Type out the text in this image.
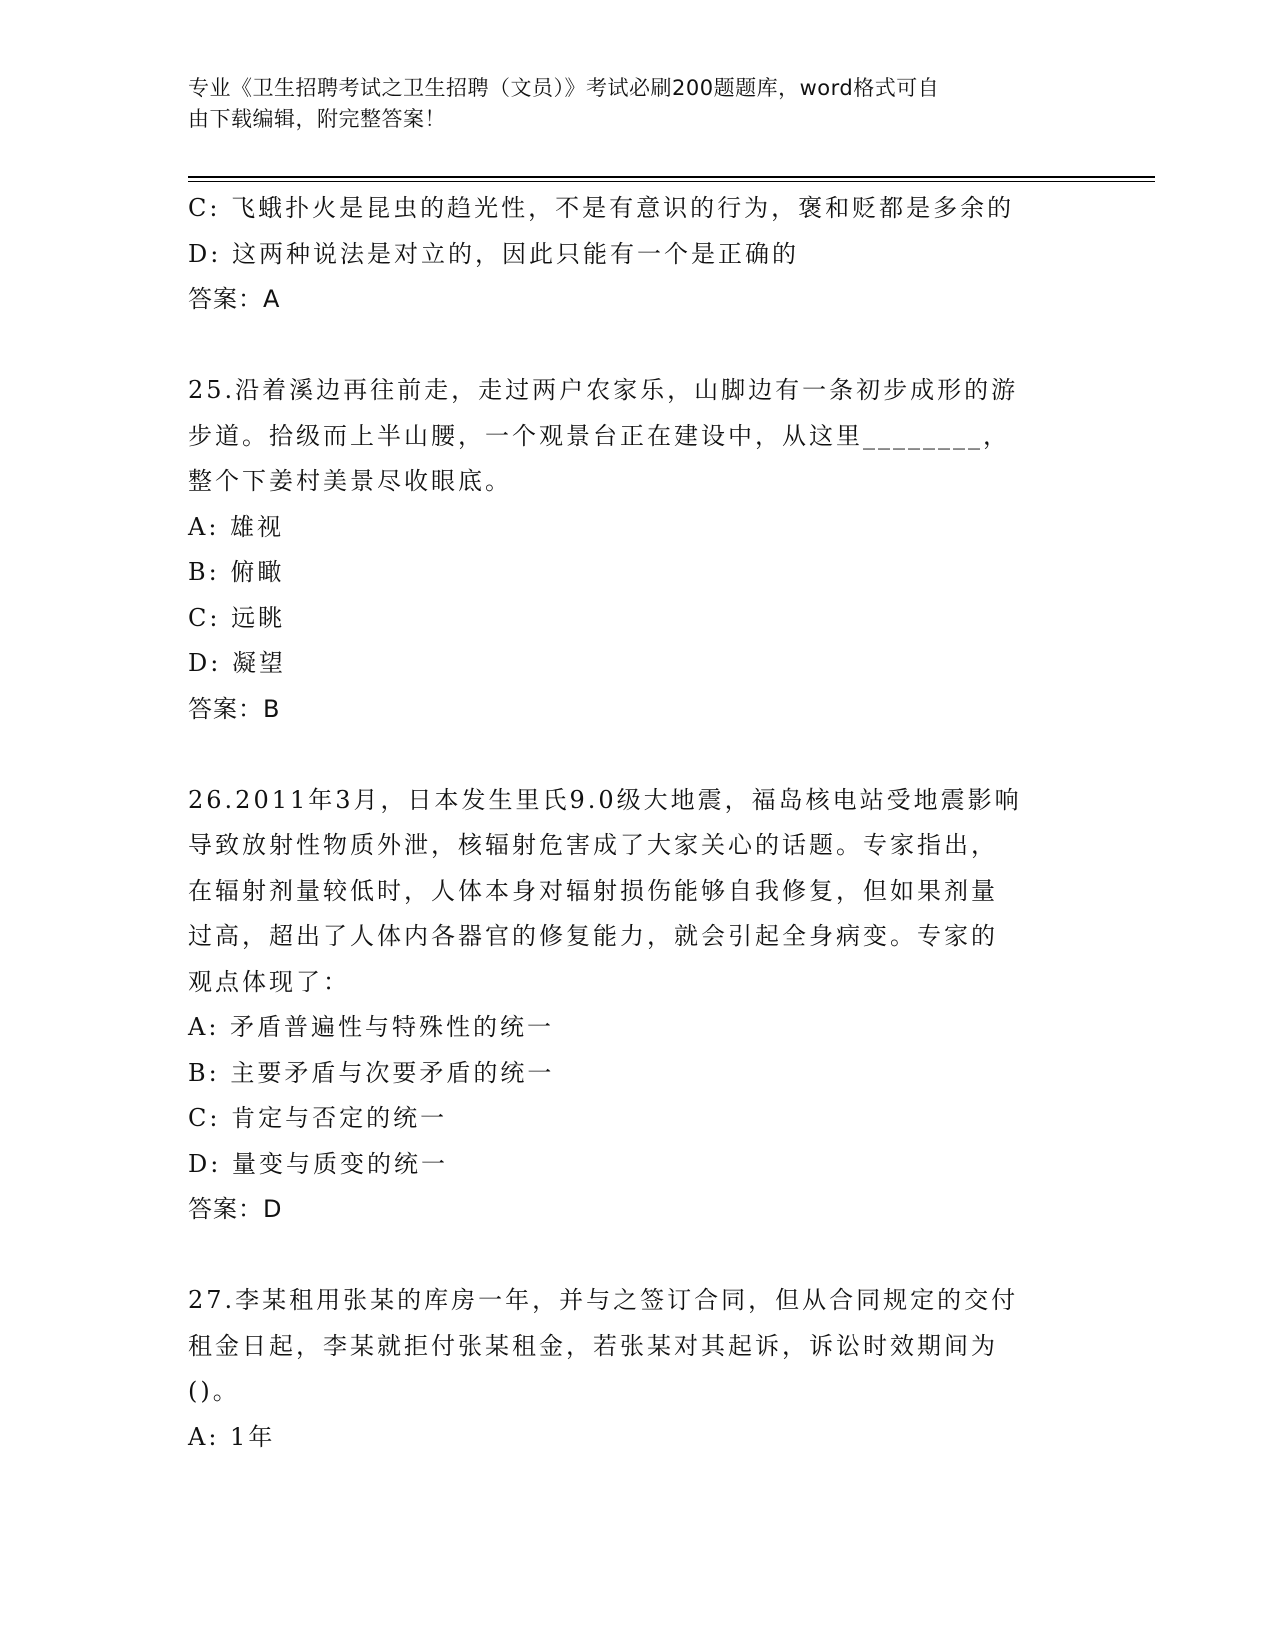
专业《卫生招聘考试之卫生招聘（文员）》考试必刷200题题库，word格式可自
由下载编辑，附完整答案！
C: 飞蛾扑火是昆虫的趋光性，不是有意识的行为，褒和贬都是多余的
D: 这两种说法是对立的，因此只能有一个是正确的
答案：A
25.沿着溪边再往前走，走过两户农家乐，山脚边有一条初步成形的游
步道。拾级而上半山腰，一个观景台正在建设中，从这里________，
整个下姜村美景尽收眼底。
A: 雄视
B: 俯瞰
C: 远眺
D: 凝望
答案：B
26.2011年3月，日本发生里氏9.0级大地震，福岛核电站受地震影响
导致放射性物质外泄，核辐射危害成了大家关心的话题。专家指出，
在辐射剂量较低时，人体本身对辐射损伤能够自我修复，但如果剂量
过高，超出了人体内各器官的修复能力，就会引起全身病变。专家的
观点体现了：
A: 矛盾普遍性与特殊性的统一
B: 主要矛盾与次要矛盾的统一
C: 肯定与否定的统一
D: 量变与质变的统一
答案：D
27.李某租用张某的库房一年，并与之签订合同，但从合同规定的交付
租金日起，李某就拒付张某租金，若张某对其起诉，诉讼时效期间为
()。
A: 1年
